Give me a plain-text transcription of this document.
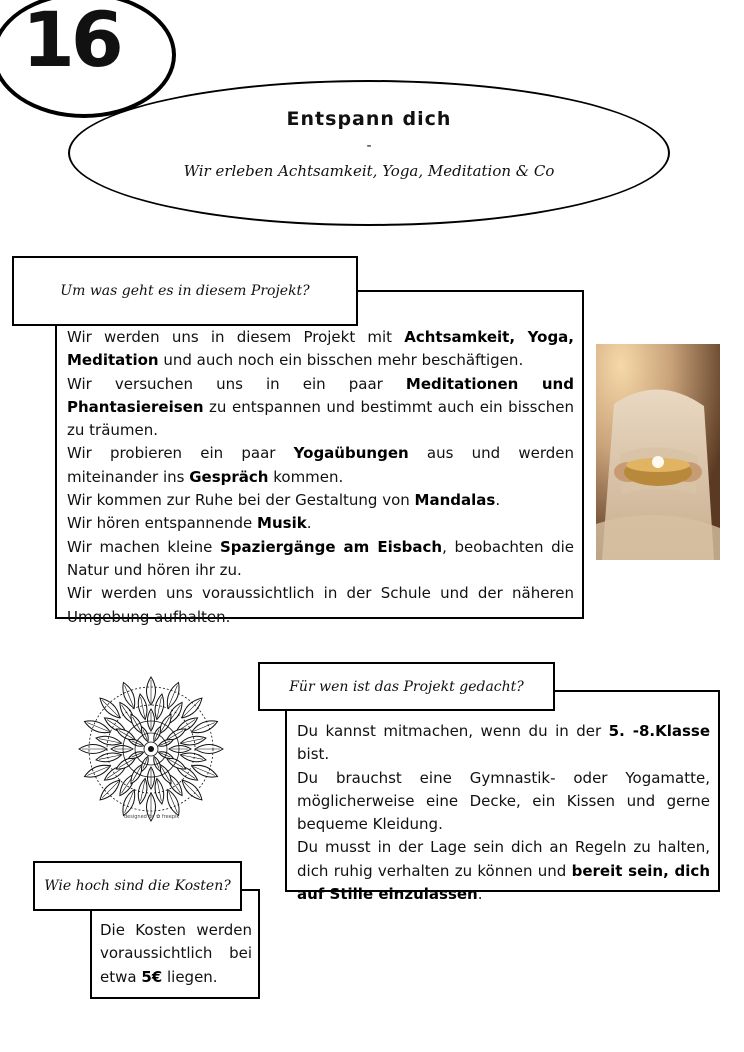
16
Entspann dich
-
Wir erleben Achtsamkeit, Yoga, Meditation & Co

Wir werden uns in diesem Projekt mit Achtsamkeit, Yoga, Meditation und auch noch ein bisschen mehr beschäftigen.

Wir versuchen uns in ein paar Meditationen und Phantasiereisen zu entspannen und bestimmt auch ein bisschen zu träumen.

Wir probieren ein paar Yogaübungen aus und werden miteinander ins Gespräch kommen.

Wir kommen zur Ruhe bei der Gestaltung von Mandalas.

Wir hören entspannende Musik.

Wir machen kleine Spaziergänge am Eisbach, beobachten die Natur und hören ihr zu.

Wir werden uns voraussichtlich in der Schule und der näheren Umgebung aufhalten.

Um was geht es in diesem Projekt?
designed by ✿ freepik

Du kannst mitmachen, wenn du in der 5. -8.Klasse bist.

Du brauchst eine Gymnastik- oder Yogamatte, möglicherweise eine Decke, ein Kissen und gerne bequeme Kleidung.

Du musst in der Lage sein dich an Regeln zu halten, dich ruhig verhalten zu können und bereit sein, dich auf Stille einzulassen.

Für wen ist das Projekt gedacht?

Die Kosten werden voraussichtlich bei etwa 5€ liegen.

Wie hoch sind die Kosten?
